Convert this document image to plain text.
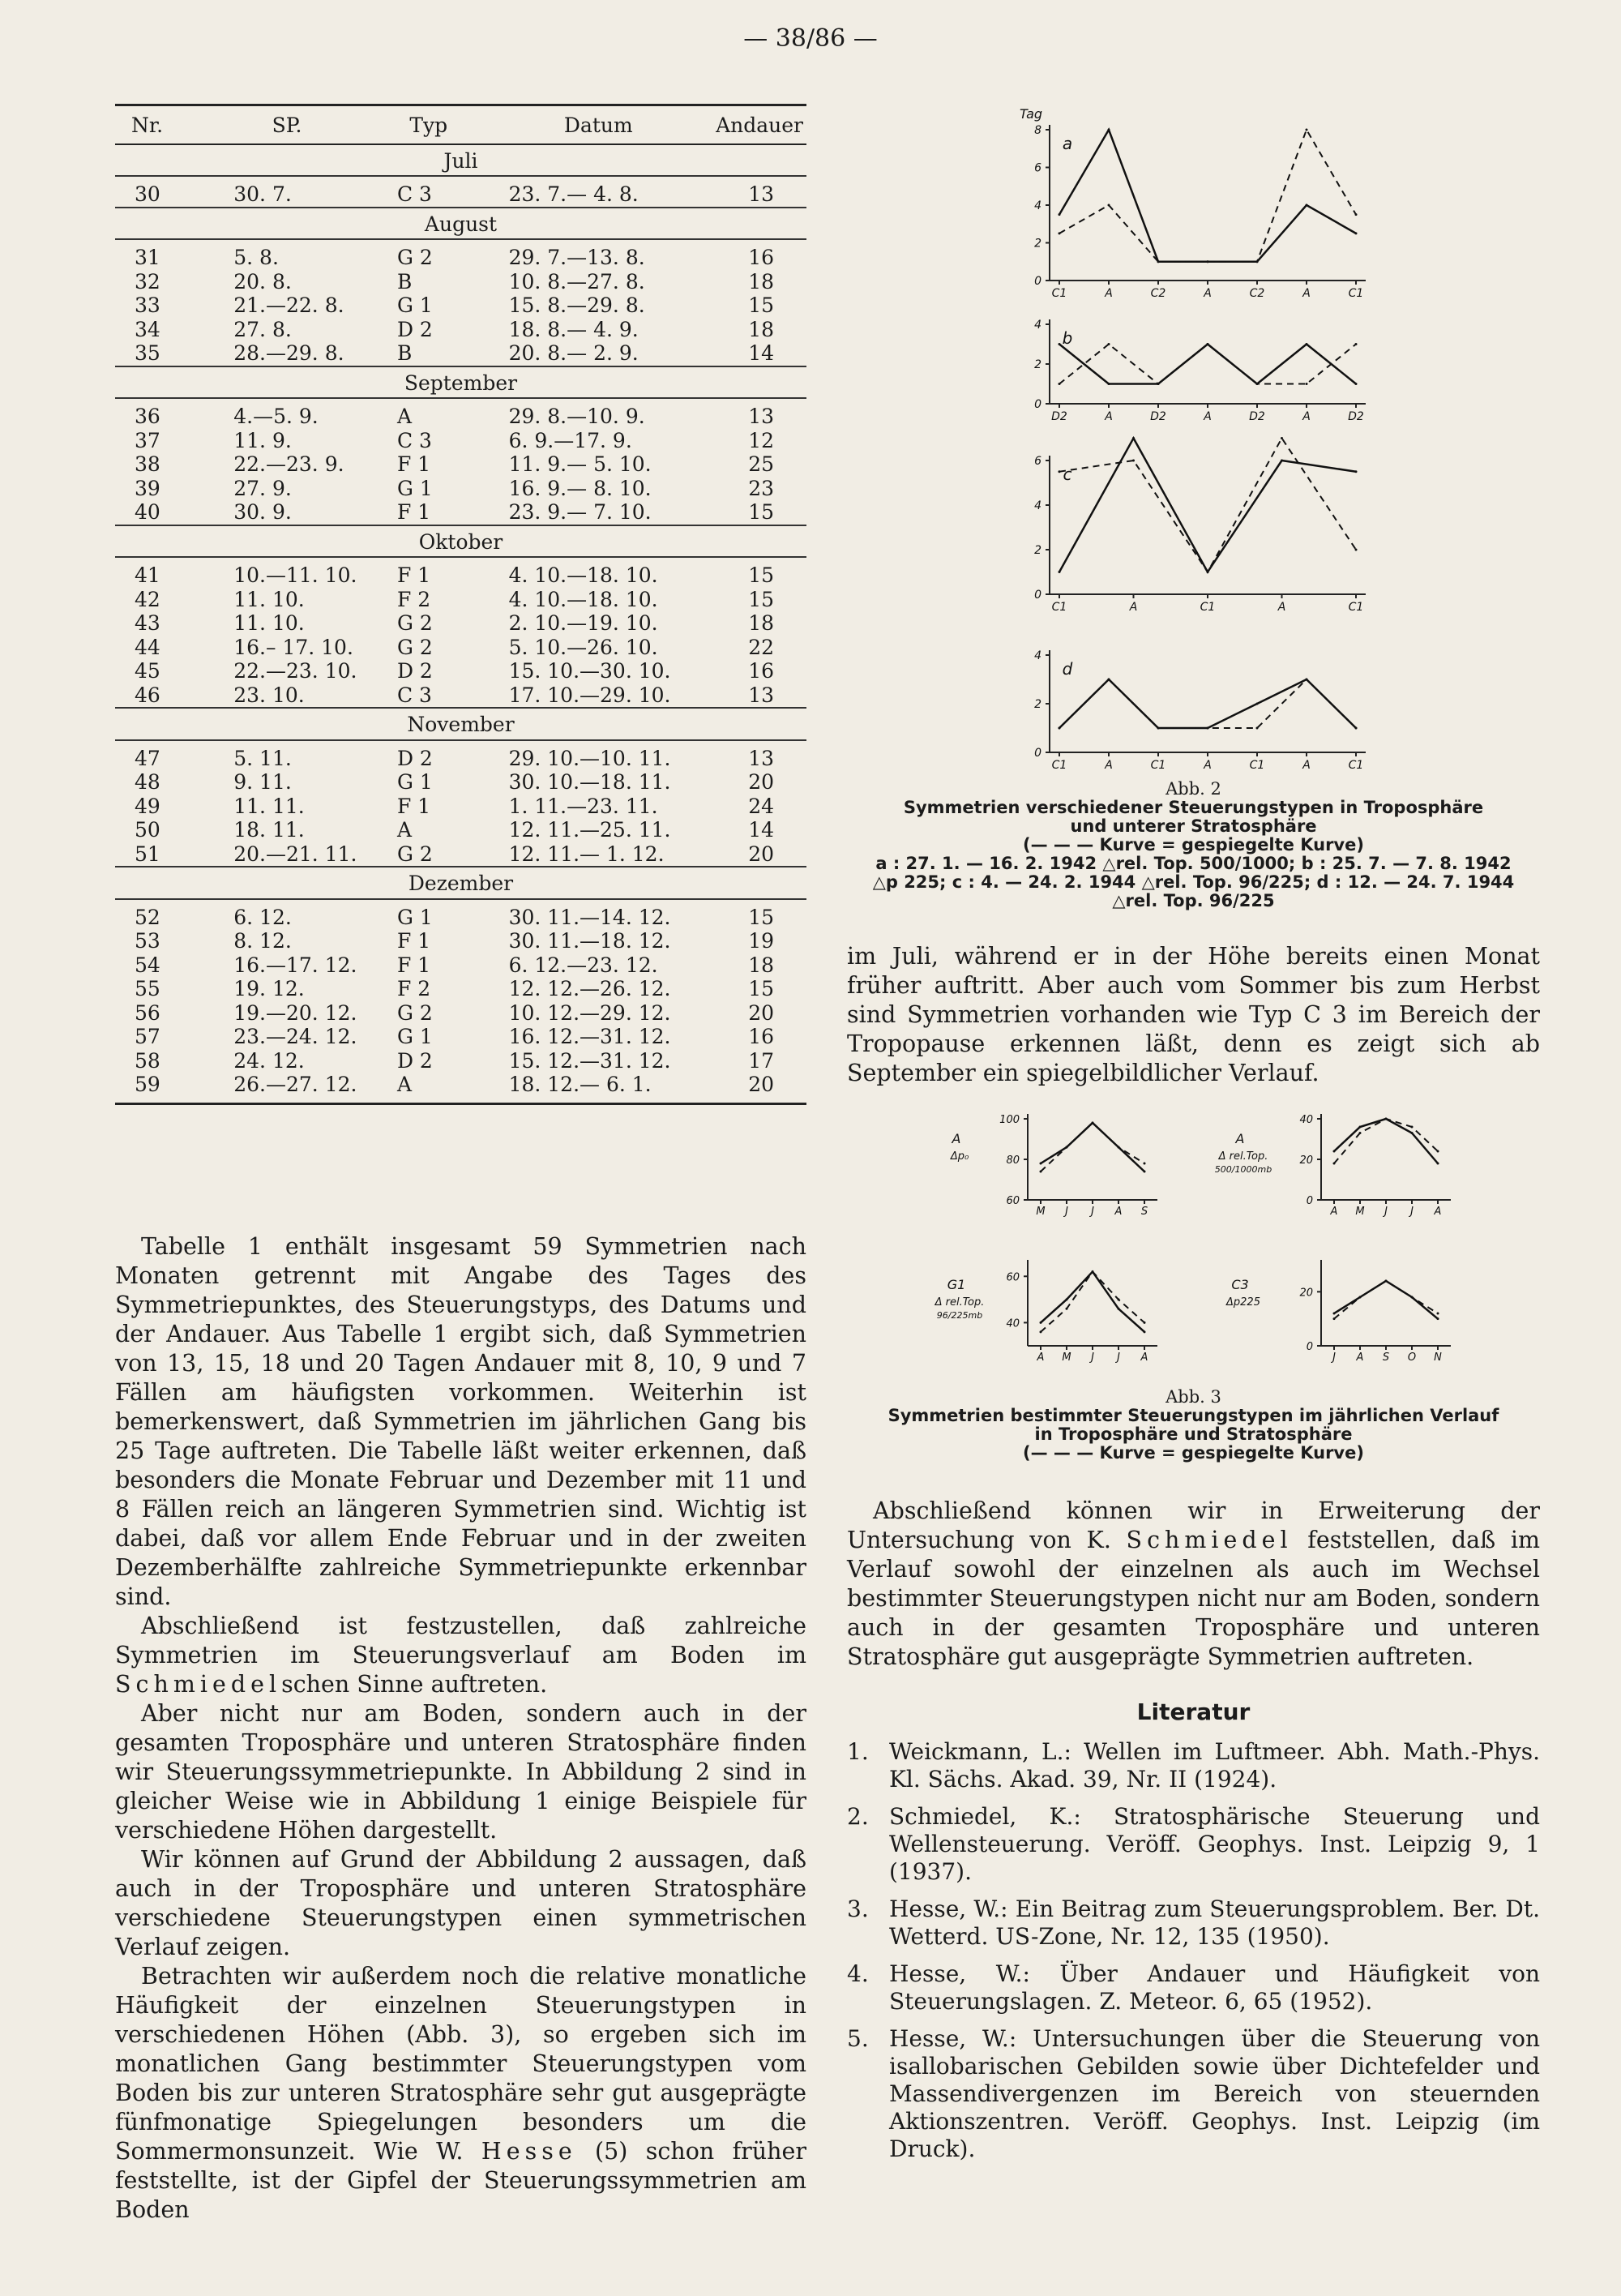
— 38/86 —
Nr.	SP.	Typ	Datum	Andauer
Juli				
30	30. 7.	C 3	23. 7.— 4. 8.	13
August				
31	5. 8.	G 2	29. 7.—13. 8.	16
32	20. 8.	B	10. 8.—27. 8.	18
33	21.—22. 8.	G 1	15. 8.—29. 8.	15
34	27. 8.	D 2	18. 8.— 4. 9.	18
35	28.—29. 8.	B	20. 8.— 2. 9.	14
September				
36	4.—5. 9.	A	29. 8.—10. 9.	13
37	11. 9.	C 3	6. 9.—17. 9.	12
38	22.—23. 9.	F 1	11. 9.— 5. 10.	25
39	27. 9.	G 1	16. 9.— 8. 10.	23
40	30. 9.	F 1	23. 9.— 7. 10.	15
Oktober				
41	10.—11. 10.	F 1	4. 10.—18. 10.	15
42	11. 10.	F 2	4. 10.—18. 10.	15
43	11. 10.	G 2	2. 10.—19. 10.	18
44	16.– 17. 10.	G 2	5. 10.—26. 10.	22
45	22.—23. 10.	D 2	15. 10.—30. 10.	16
46	23. 10.	C 3	17. 10.—29. 10.	13
November				
47	5. 11.	D 2	29. 10.—10. 11.	13
48	9. 11.	G 1	30. 10.—18. 11.	20
49	11. 11.	F 1	1. 11.—23. 11.	24
50	18. 11.	A	12. 11.—25. 11.	14
51	20.—21. 11.	G 2	12. 11.— 1. 12.	20
Dezember				
52	6. 12.	G 1	30. 11.—14. 12.	15
53	8. 12.	F 1	30. 11.—18. 12.	19
54	16.—17. 12.	F 1	6. 12.—23. 12.	18
55	19. 12.	F 2	12. 12.—26. 12.	15
56	19.—20. 12.	G 2	10. 12.—29. 12.	20
57	23.—24. 12.	G 1	16. 12.—31. 12.	16
58	24. 12.	D 2	15. 12.—31. 12.	17
59	26.—27. 12.	A	18. 12.— 6. 1.	20

Tabelle 1 enthält insgesamt 59 Symmetrien nach Monaten getrennt mit Angabe des Tages des Symmetriepunktes, des Steuerungstyps, des Datums und der Andauer. Aus Tabelle 1 ergibt sich, daß Symmetrien von 13, 15, 18 und 20 Tagen Andauer mit 8, 10, 9 und 7 Fällen am häufigsten vorkommen. Weiterhin ist bemerkenswert, daß Symmetrien im jährlichen Gang bis 25 Tage auftreten. Die Tabelle läßt weiter erkennen, daß besonders die Monate Februar und Dezember mit 11 und 8 Fällen reich an längeren Symmetrien sind. Wichtig ist dabei, daß vor allem Ende Februar und in der zweiten Dezemberhälfte zahlreiche Symmetriepunkte erkennbar sind.

Abschließend ist festzustellen, daß zahlreiche Symmetrien im Steuerungsverlauf am Boden im Schmiedelschen Sinne auftreten.

Aber nicht nur am Boden, sondern auch in der gesamten Troposphäre und unteren Stratosphäre finden wir Steuerungssymmetriepunkte. In Abbildung 2 sind in gleicher Weise wie in Abbildung 1 einige Beispiele für verschiedene Höhen dargestellt.

Wir können auf Grund der Abbildung 2 aussagen, daß auch in der Troposphäre und unteren Stratosphäre verschiedene Steuerungstypen einen symmetrischen Verlauf zeigen.

Betrachten wir außerdem noch die relative monatliche Häufigkeit der einzelnen Steuerungstypen in verschiedenen Höhen (Abb. 3), so ergeben sich im monatlichen Gang bestimmter Steuerungstypen vom Boden bis zur unteren Stratosphäre sehr gut ausgeprägte fünfmonatige Spiegelungen besonders um die Sommermonsunzeit. Wie W. Hesse (5) schon früher feststellte, ist der Gipfel der Steuerungssymmetrien am Boden

Tag
8
6
4
2
0
C1	A	C2	A	C2	A	C1
a
4
2
0
D2	A	D2	A	D2	A	D2
b
6
4
2
0
C1	A	C1	A	C1
c
4
2
0
C1	A	C1	A	C1	A	C1
d
Abb. 2
Symmetrien verschiedener Steuerungstypen in Troposphäre
und unterer Stratosphäre
(— — — Kurve = gespiegelte Kurve)
a : 27. 1. — 16. 2. 1942 △rel. Top. 500/1000; b : 25. 7. — 7. 8. 1942
△p 225; c : 4. — 24. 2. 1944 △rel. Top. 96/225; d : 12. — 24. 7. 1944
△rel. Top. 96/225

im Juli, während er in der Höhe bereits einen Monat früher auftritt. Aber auch vom Sommer bis zum Herbst sind Symmetrien vorhanden wie Typ C 3 im Bereich der Tropopause erkennen läßt, denn es zeigt sich ab September ein spiegelbildlicher Verlauf.

100
80
60
M J J A S
A
Δp₀
40
20
0
A M J J A
A
Δ rel.Top.
500/1000mb
60
40
A M J J A
G1
Δ rel.Top.
96/225mb
20
0
J A S O N
C3
Δp225
Abb. 3
Symmetrien bestimmter Steuerungstypen im jährlichen Verlauf
in Troposphäre und Stratosphäre
(— — — Kurve = gespiegelte Kurve)

Abschließend können wir in Erweiterung der Untersuchung von K. Schmiedel feststellen, daß im Verlauf sowohl der einzelnen als auch im Wechsel bestimmter Steuerungstypen nicht nur am Boden, sondern auch in der gesamten Troposphäre und unteren Stratosphäre gut ausgeprägte Symmetrien auftreten.

Literatur
1. Weickmann, L.: Wellen im Luftmeer. Abh. Math.-Phys. Kl. Sächs. Akad. 39, Nr. II (1924).
2. Schmiedel, K.: Stratosphärische Steuerung und Wellensteuerung. Veröff. Geophys. Inst. Leipzig 9, 1 (1937).
3. Hesse, W.: Ein Beitrag zum Steuerungsproblem. Ber. Dt. Wetterd. US-Zone, Nr. 12, 135 (1950).
4. Hesse, W.: Über Andauer und Häufigkeit von Steuerungslagen. Z. Meteor. 6, 65 (1952).
5. Hesse, W.: Untersuchungen über die Steuerung von isallobarischen Gebilden sowie über Dichtefelder und Massendivergenzen im Bereich von steuernden Aktionszentren. Veröff. Geophys. Inst. Leipzig (im Druck).
